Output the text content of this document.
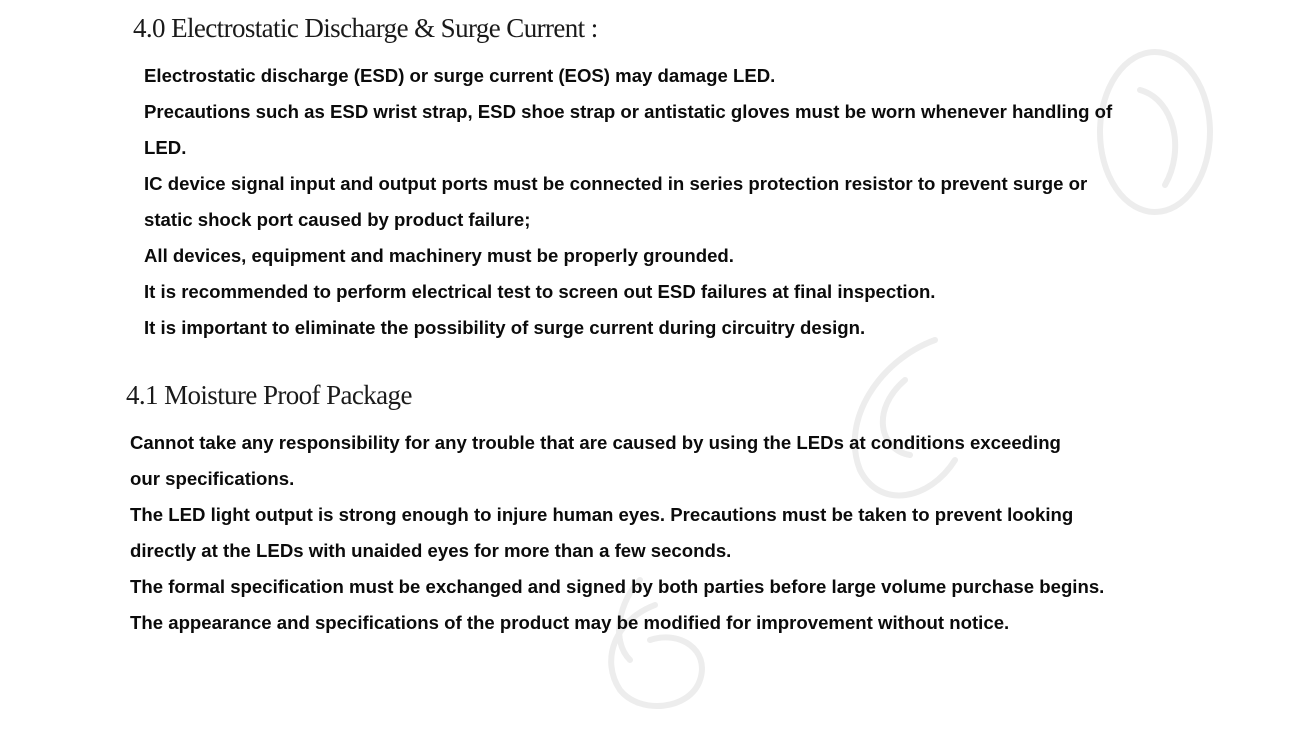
4.0 Electrostatic Discharge & Surge Current :
Electrostatic discharge (ESD) or surge current (EOS) may damage LED.
Precautions such as ESD wrist strap, ESD shoe strap or antistatic gloves must be worn whenever handling of
LED.
IC device signal input and output ports must be connected in series protection resistor to prevent surge or
static shock port caused by product failure;
All devices, equipment and machinery must be properly grounded.
It is recommended to perform electrical test to screen out ESD failures at final inspection.
It is important to eliminate the possibility of surge current during circuitry design.
4.1 Moisture Proof Package
Cannot take any responsibility for any trouble that are caused by using the LEDs at conditions exceeding
our specifications.
The LED light output is strong enough to injure human eyes. Precautions must be taken to prevent looking
directly at the LEDs with unaided eyes for more than a few seconds.
The formal specification must be exchanged and signed by both parties before large volume purchase begins.
The appearance and specifications of the product may be modified for improvement without notice.
